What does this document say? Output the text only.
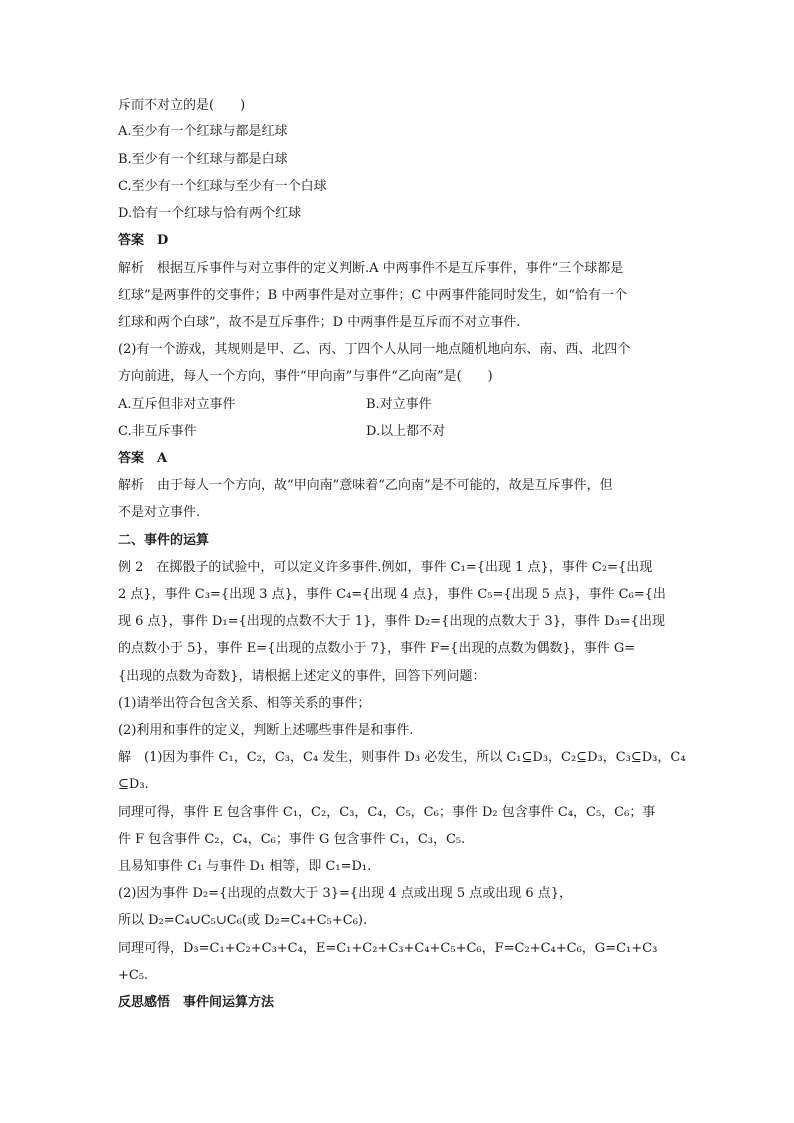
斥而不对立的是(　　)
A.至少有一个红球与都是红球
B.至少有一个红球与都是白球
C.至少有一个红球与至少有一个白球
D.恰有一个红球与恰有两个红球
答案　D
解析　根据互斥事件与对立事件的定义判断.A 中两事件不是互斥事件，事件“三个球都是
红球”是两事件的交事件；B 中两事件是对立事件；C 中两事件能同时发生，如“恰有一个
红球和两个白球”，故不是互斥事件；D 中两事件是互斥而不对立事件.
(2)有一个游戏，其规则是甲、乙、丙、丁四个人从同一地点随机地向东、南、西、北四个
方向前进，每人一个方向，事件“甲向南”与事件“乙向南”是(　　)
A.互斥但非对立事件	B.对立事件
C.非互斥事件	D.以上都不对
答案　A
解析　由于每人一个方向，故“甲向南”意味着“乙向南”是不可能的，故是互斥事件，但
不是对立事件.
二、事件的运算
例 2　在掷骰子的试验中，可以定义许多事件.例如，事件 C₁={出现 1 点}，事件 C₂={出现
2 点}，事件 C₃={出现 3 点}，事件 C₄={出现 4 点}，事件 C₅={出现 5 点}，事件 C₆={出
现 6 点}，事件 D₁={出现的点数不大于 1}，事件 D₂={出现的点数大于 3}，事件 D₃={出现
的点数小于 5}，事件 E={出现的点数小于 7}，事件 F={出现的点数为偶数}，事件 G=
{出现的点数为奇数}，请根据上述定义的事件，回答下列问题：
(1)请举出符合包含关系、相等关系的事件；
(2)利用和事件的定义，判断上述哪些事件是和事件.
解　(1)因为事件 C₁，C₂，C₃，C₄ 发生，则事件 D₃ 必发生，所以 C₁⊆D₃，C₂⊆D₃，C₃⊆D₃，C₄
⊆D₃.
同理可得，事件 E 包含事件 C₁，C₂，C₃，C₄，C₅，C₆；事件 D₂ 包含事件 C₄，C₅，C₆；事
件 F 包含事件 C₂，C₄，C₆；事件 G 包含事件 C₁，C₃，C₅.
且易知事件 C₁ 与事件 D₁ 相等，即 C₁=D₁.
(2)因为事件 D₂={出现的点数大于 3}={出现 4 点或出现 5 点或出现 6 点}，
所以 D₂=C₄∪C₅∪C₆(或 D₂=C₄+C₅+C₆).
同理可得，D₃=C₁+C₂+C₃+C₄，E=C₁+C₂+C₃+C₄+C₅+C₆，F=C₂+C₄+C₆，G=C₁+C₃
+C₅.
反思感悟　事件间运算方法
